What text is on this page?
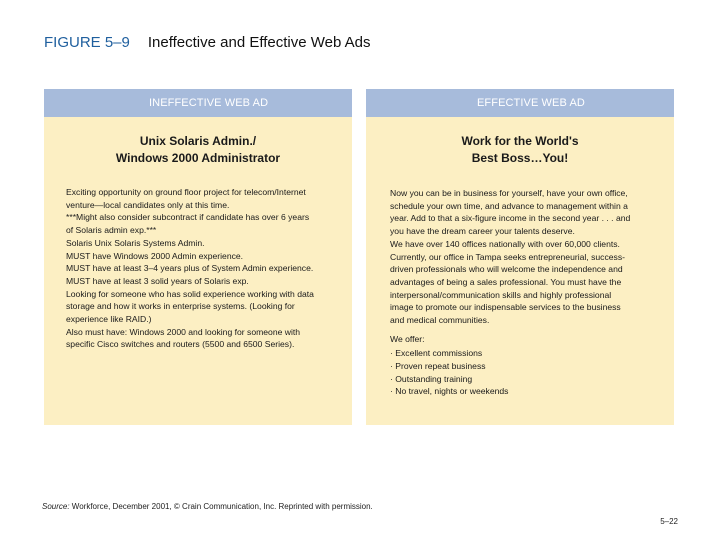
FIGURE 5–9 Ineffective and Effective Web Ads
INEFFECTIVE WEB AD
Unix Solaris Admin./
Windows 2000 Administrator
Exciting opportunity on ground floor project for telecom/Internet
venture—local candidates only at this time.
***Might also consider subcontract if candidate has over 6 years
of Solaris admin exp.***
Solaris Unix Solaris Systems Admin.
MUST have Windows 2000 Admin experience.
MUST have at least 3–4 years plus of System Admin experience.
MUST have at least 3 solid years of Solaris exp.
Looking for someone who has solid experience working with data
storage and how it works in enterprise systems. (Looking for
experience like RAID.)
Also must have: Windows 2000 and looking for someone with
specific Cisco switches and routers (5500 and 6500 Series).
EFFECTIVE WEB AD
Work for the World's
Best Boss…You!
Now you can be in business for yourself, have your own office,
schedule your own time, and advance to management within a
year. Add to that a six-figure income in the second year . . . and
you have the dream career your talents deserve.
We have over 140 offices nationally with over 60,000 clients.
Currently, our office in Tampa seeks entrepreneurial, success-
driven professionals who will welcome the independence and
advantages of being a sales professional. You must have the
interpersonal/communication skills and highly professional
image to promote our indispensable services to the business
and medical communities.
We offer:
· Excellent commissions
· Proven repeat business
· Outstanding training
· No travel, nights or weekends
Source: Workforce, December 2001, © Crain Communication, Inc. Reprinted with permission.
5–22
